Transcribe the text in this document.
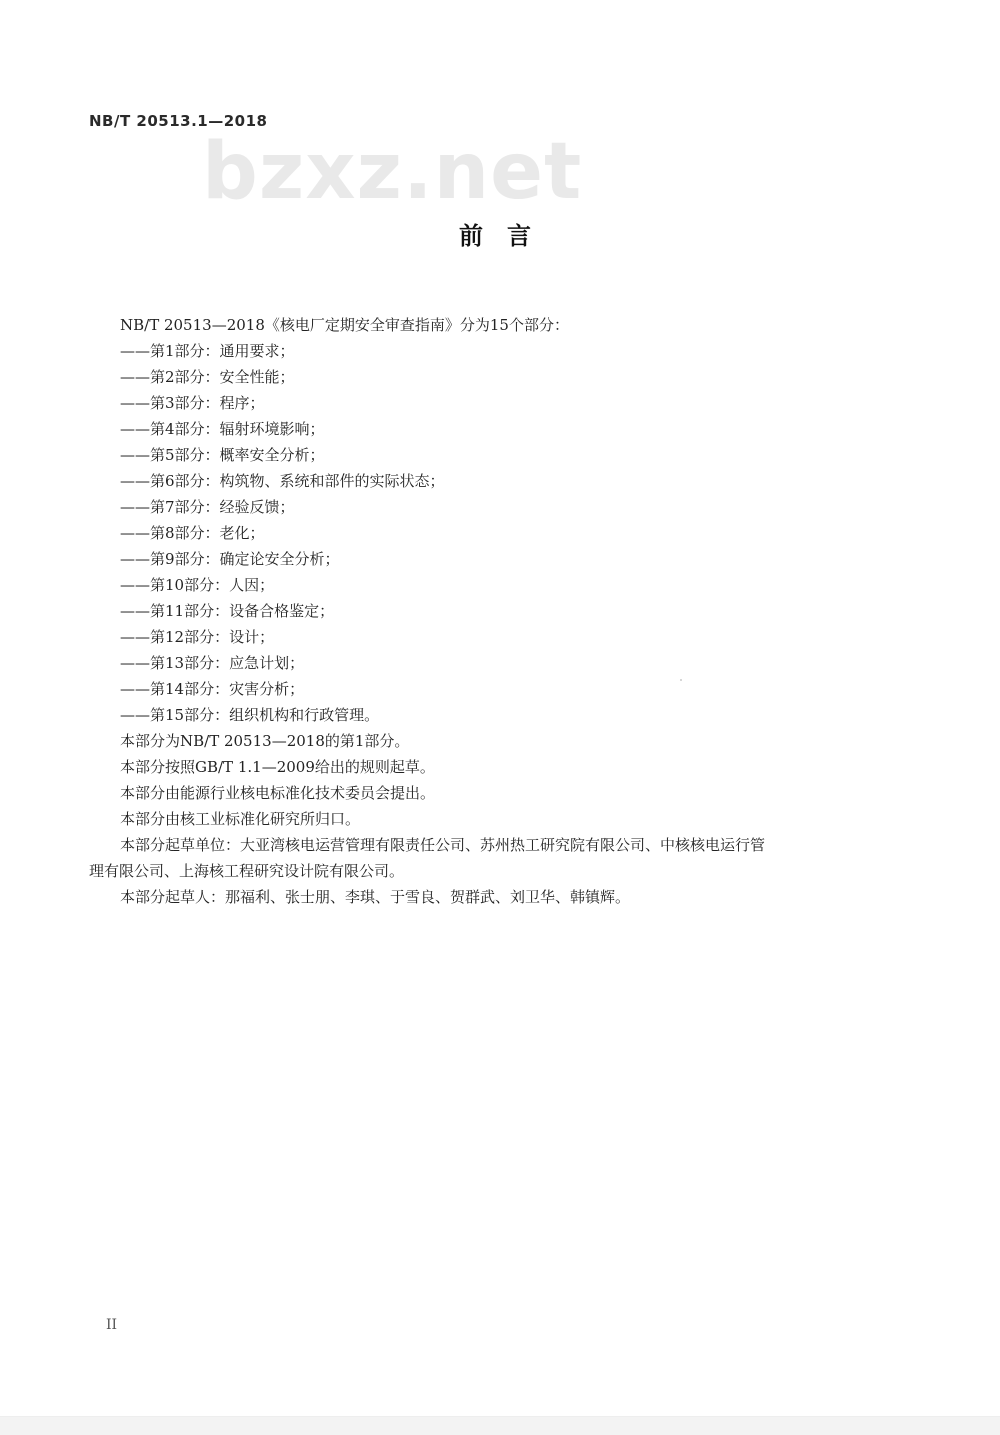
NB/T 20513.1—2018
bzxz.net
前言
NB/T 20513—2018《核电厂定期安全审查指南》分为15个部分：
——第1部分：通用要求；
——第2部分：安全性能；
——第3部分：程序；
——第4部分：辐射环境影响；
——第5部分：概率安全分析；
——第6部分：构筑物、系统和部件的实际状态；
——第7部分：经验反馈；
——第8部分：老化；
——第9部分：确定论安全分析；
——第10部分：人因；
——第11部分：设备合格鉴定；
——第12部分：设计；
——第13部分：应急计划；
——第14部分：灾害分析；
——第15部分：组织机构和行政管理。
本部分为NB/T 20513—2018的第1部分。
本部分按照GB/T 1.1—2009给出的规则起草。
本部分由能源行业核电标准化技术委员会提出。
本部分由核工业标准化研究所归口。
本部分起草单位：大亚湾核电运营管理有限责任公司、苏州热工研究院有限公司、中核核电运行管
理有限公司、上海核工程研究设计院有限公司。
本部分起草人：那福利、张士朋、李琪、于雪良、贺群武、刘卫华、韩镇辉。
II
